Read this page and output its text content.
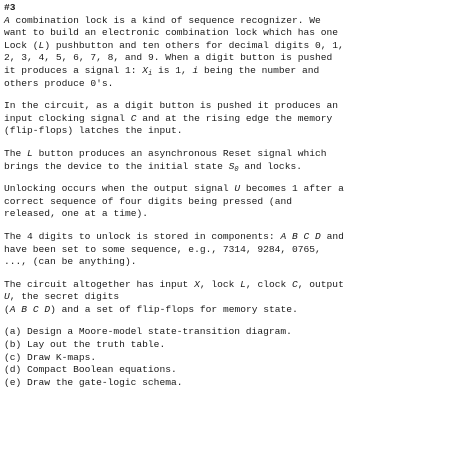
#3
A combination lock is a kind of sequence recognizer. We
want to build an electronic combination lock which has one
Lock (L) pushbutton and ten others for decimal digits 0, 1,
2, 3, 4, 5, 6, 7, 8, and 9. When a digit button is pushed
it produces a signal 1: $X_i$ is 1, i being the number and
others produce 0's.
In the circuit, as a digit button is pushed it produces an
input clocking signal C and at the rising edge the memory
(flip-flops) latches the input.
The L button produces an asynchronous Reset signal which
brings the device to the initial state $S_0$ and locks.
Unlocking occurs when the output signal U becomes 1 after a
correct sequence of four digits being pressed (and
released, one at a time).
The 4 digits to unlock is stored in components: A B C D and
have been set to some sequence, e.g., 7314, 9284, 0765,
..., (can be anything).
The circuit altogether has input X, lock L, clock C, output
U, the secret digits
(A B C D) and a set of flip-flops for memory state.
(a) Design a Moore-model state-transition diagram.
(b) Lay out the truth table.
(c) Draw K-maps.
(d) Compact Boolean equations.
(e) Draw the gate-logic schema.
